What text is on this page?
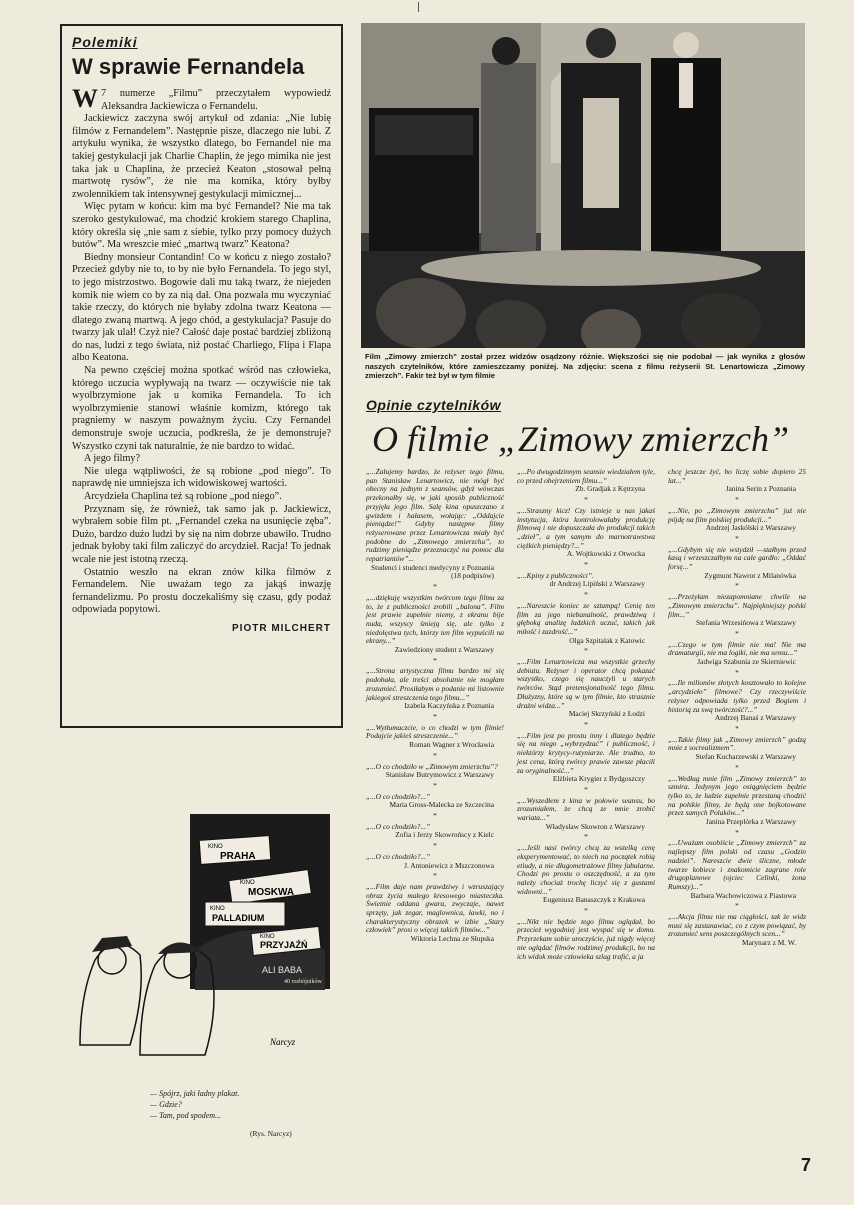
Polemiki
W sprawie Fernandela

W 7 numerze „Filmu” przeczytałem wypowiedź Aleksandra Jackiewicza o Fernandelu.

Jackiewicz zaczyna swój artykuł od zdania: „Nie lubię filmów z Fernandelem”. Następnie pisze, dlaczego nie lubi. Z artykułu wynika, że wszystko dlatego, bo Fernandel nie ma takiej gestykulacji jak Charlie Chaplin, że jego mimika nie jest taka jak u Chaplina, że przecież Keaton „stosował pełną martwotę rysów”, że nie ma komika, który byłby zwolennikiem tak intensywnej gestykulacji mimicznej...

Więc pytam w końcu: kim ma być Fernandel? Nie ma tak szeroko gestykulować, ma chodzić krokiem starego Chaplina, który określa się „nie sam z siebie, tylko przy pomocy dużych butów”. Ma wreszcie mieć „martwą twarz” Keatona?

Biedny monsieur Contandin! Co w końcu z niego zostało? Przecież gdyby nie to, to by nie było Fernandela. To jego styl, to jego mistrzostwo. Bogowie dali mu taką twarz, że niejeden komik nie wiem co by za nią dał. Ona pozwala mu wyczyniać takie rzeczy, do których nie byłaby zdolna twarz Keatona — dlatego zwaną martwą. A jego chód, a gestykulacja? Pasuje do twarzy jak ulał! Czyż nie? Całość daje postać bardziej zbliżoną do nas, ludzi z tego świata, niż postać Charliego, Flipa i Flapa albo Keatona.

Na pewno częściej można spotkać wśród nas człowieka, którego uczucia wypływają na twarz — oczywiście nie tak wyolbrzymione jak u komika Fernandela. To ich wyolbrzymienie stanowi właśnie komizm, którego tak pragniemy w naszym poważnym życiu. Czy Fernandel demonstruje swoje uczucia, podkreśla, że je demonstruje? Wszystko czyni tak naturalnie, że nie bardzo to widać.

A jego filmy?

Nie ulega wątpliwości, że są robione „pod niego”. To naprawdę nie umniejsza ich widowiskowej wartości.

Arcydzieła Chaplina też są robione „pod niego”.

Przyznam się, że również, tak samo jak p. Jackiewicz, wybrałem sobie film pt. „Fernandel czeka na usunięcie zęba”. Dużo, bardzo dużo ludzi by się na nim dobrze ubawiło. Trudno jednak byłoby taki film zaliczyć do arcydzieł. Racja! To jednak wcale nie jest istotną rzeczą.

Ostatnio weszło na ekran znów kilka filmów z Fernandelem. Nie uważam tego za jakąś inwazję fernandelizmu. Po prostu doczekaliśmy się czasu, gdy podaż odpowiada popytowi.

PIOTR MILCHERT
Film „Zimowy zmierzch” został przez widzów osądzony różnie. Większości się nie podobał — jak wynika z głosów naszych czytelników, które zamieszczamy poniżej. Na zdjęciu: scena z filmu reżyserii St. Lenartowicza „Zimowy zmierzch”. Fakir też był w tym filmie
Opinie czytelników
O filmie „Zimowy zmierzch”

„...Żałujemy bardzo, że reżyser tego filmu, pan Stanisław Lenartowicz, nie mógł być obecny na jednym z seansów, gdyż wówczas przekonałby się, w jaki sposób publiczność przyjęła jego film. Salę kina opuszczano z gwizdem i hałasem, wołając: „Oddajcie pieniądze!” Gdyby następne filmy reżyserowane przez Lenartowicza miały być podobne do „Zimowego zmierzchu”, to rudzimy pieniądze przeznaczyć na pomoc dla repatriantów”...

Studenci i studenci medycyny z Poznania (18 podpisów)

*

„...dziękuję wszystkim twórcom tego filmu za to, że z publiczności zrobili „balona”. Film jest prawie zupełnie niemy, z ekranu bije nuda, wszyscy śmieją się, ale tylko z niedołęstwa tych, którzy ten film wypuścili na ekrany...”

Zawiedziony student z Warszawy

*

„...Strona artystyczna filmu bardzo mi się podobała, ale treści absolutnie nie mogłam zrozumieć. Prosiłabym o podanie mi listownie jakiegoś streszczenia tego filmu...”

Izabela Kaczyńska z Poznania

*

„...Wytłumaczcie, o co chodzi w tym filmie! Podajcie jakieś streszczenie...”

Roman Wagner z Wrocławia

*

„...O co chodziło w „Zimowym zmierzchu”?

Stanisław Butrymowicz z Warszawy

*

„...O co chodziło?...”

Maria Gross-Malecka ze Szczecina

*

„...O co chodziło?...”

Zofia i Jerzy Skowrońscy z Kielc

*

„...O co chodziło?...”

J. Antoniewicz z Mszczonowa

*

„...Film daje nam prawdziwy i wzruszający obraz życia małego kresowego miasteczka. Świetnie oddana gwara, zwyczaje, nawet sprzęty, jak zegar, maglownica, ławki, no i charakterystyczny obrazek w izbie „Stary człowiek” prosi o więcej takich filmów...”

Wiktoria Lechna ze Słupska

„...Po dwugodzinnym seansie wiedziałem tyle, co przed obejrzeniem filmu...”

Zb. Gradjak z Kętrzyna

*

„...Straszny kicz! Czy istnieje u nas jakaś instytucja, która kontrolowałaby produkcję filmową i nie dopuszczała do produkcji takich „dzieł”, a tym samym do marnotrawstwa ciężkich pieniędzy?...”

A. Wojtkowski z Otwocka

*

„...Kpiny z publiczności”.

dr Andrzej Lipiński z Warszawy

*

„...Nareszcie koniec ze sztampą! Cenię ten film za jego niebanalność, prawdziwą i głęboką analizę ludzkich uczuć, takich jak miłość i zazdrość...”

Olga Szpitalak z Katowic

*

„...Film Lenartowicza ma wszystkie grzechy debiutu. Reżyser i operator chcą pokazać wszystko, czego się nauczyli u starych twórców. Stąd pretensjonalność tego filmu. Dłużyzny, które są w tym filmie, kto strasznie drażni widza...”

Maciej Skrzyński z Łodzi

*

„...Film jest po prostu inny i dlatego będzie się na niego „wybrzydzać” i publiczność, i niektórzy krytycy-rutyniarze. Ale trudno, to jest cena, którą twórcy prawie zawsze płacili za oryginalność...”

Elżbieta Krygier z Bydgoszczy

*

„...Wyszedłem z kina w połowie seansu, bo zrozumiałem, że chcą ze mnie zrobić wariata...”

Władysław Skowron z Warszawy

*

„...Jeśli nasi twórcy chcą za wszelką cenę eksperymentować, to niech na początek robią etiudy, a nie długometrażowe filmy fabularne. Chodzi po prostu o oszczędność, a za tym należy chociaż trochę liczyć się z gustami widowni...”

Eugeniusz Banaszczyk z Krakowa

*

„...Nikt nie będzie tego filmu oglądał, bo przecież wygodniej jest wyspać się w domu. Przyrzekam sobie uroczyście, już nigdy więcej nie oglądać filmów rodzimej produkcji, bo na ich widok może człowieka szlag trafić, a ja

chcę jeszcze żyć, bo liczę sobie dopiero 25 lat...”

Janina Serin z Poznania

*

„...Nie, po „Zimowym zmierzchu” już nie pójdę na film polskiej produkcji...”

Andrzej Jaskólski z Warszawy

*

„...Gdybym się nie wstydził —stałbym przed kasą i wrzeszczałbym na całe gardło: „Oddać forsę...”

Zygmunt Nawrot z Milanówka

*

„...Przeżyłam niezapomniane chwile na „Zimowym zmierzchu”. Najpiękniejszy polski film...”

Stefania Wrzesińowa z Warszawy

*

„...Czego w tym filmie nie ma! Nie ma dramaturgii, nie ma logiki, nie ma sensu...”

Jadwiga Szabunia ze Skierniewic

*

„...Ile milionów złotych kosztowało to kolejne „arcydzieło” filmowe? Czy rzeczywiście reżyser odpowiada tylko przed Bogiem i historią za swą twórczość?...”

Andrzej Banaś z Warszawy

*

„...Takie filmy jak „Zimowy zmierzch” godzą mnie z socrealizmem”.

Stefan Kucharzewski z Warszawy

*

„...Według mnie film „Zimowy zmierzch” to szmira. Jedynym jego osiągnięciem będzie tylko to, że ludzie zupełnie przestaną chodzić na polskie filmy, że będą one bojkotowane przez samych Polaków...”

Janina Przeplórka z Warszawy

*

„...Uważam osobiście „Zimowy zmierzch” za najlepszy film polski od czasu „Godzin nadziei”. Nareszcie dwie śliczne, młode twarze kobiece i znakomicie zagrane role drugoplanowe (ojciec Celinki, żona Rumszy)...”

Barbara Wachowiczowa z Piastowa

*

„...Akcja filmu nie ma ciągłości, tak że widz musi się zastanawiać, co z czym powiązać, by zrozumieć sens poszczególnych scen...”

Marynarz z M. W.

KINO
PRAHA
KINO
MOSKWA
KINO
PALLADIUM
KINO
PRZYJAŹŃ
ALI BABA
40 rozbójników
Narcyz
— Spójrz, jaki ładny plakat.
— Gdzie?
— Tam, pod spodem...
(Rys. Narcyz)
7
